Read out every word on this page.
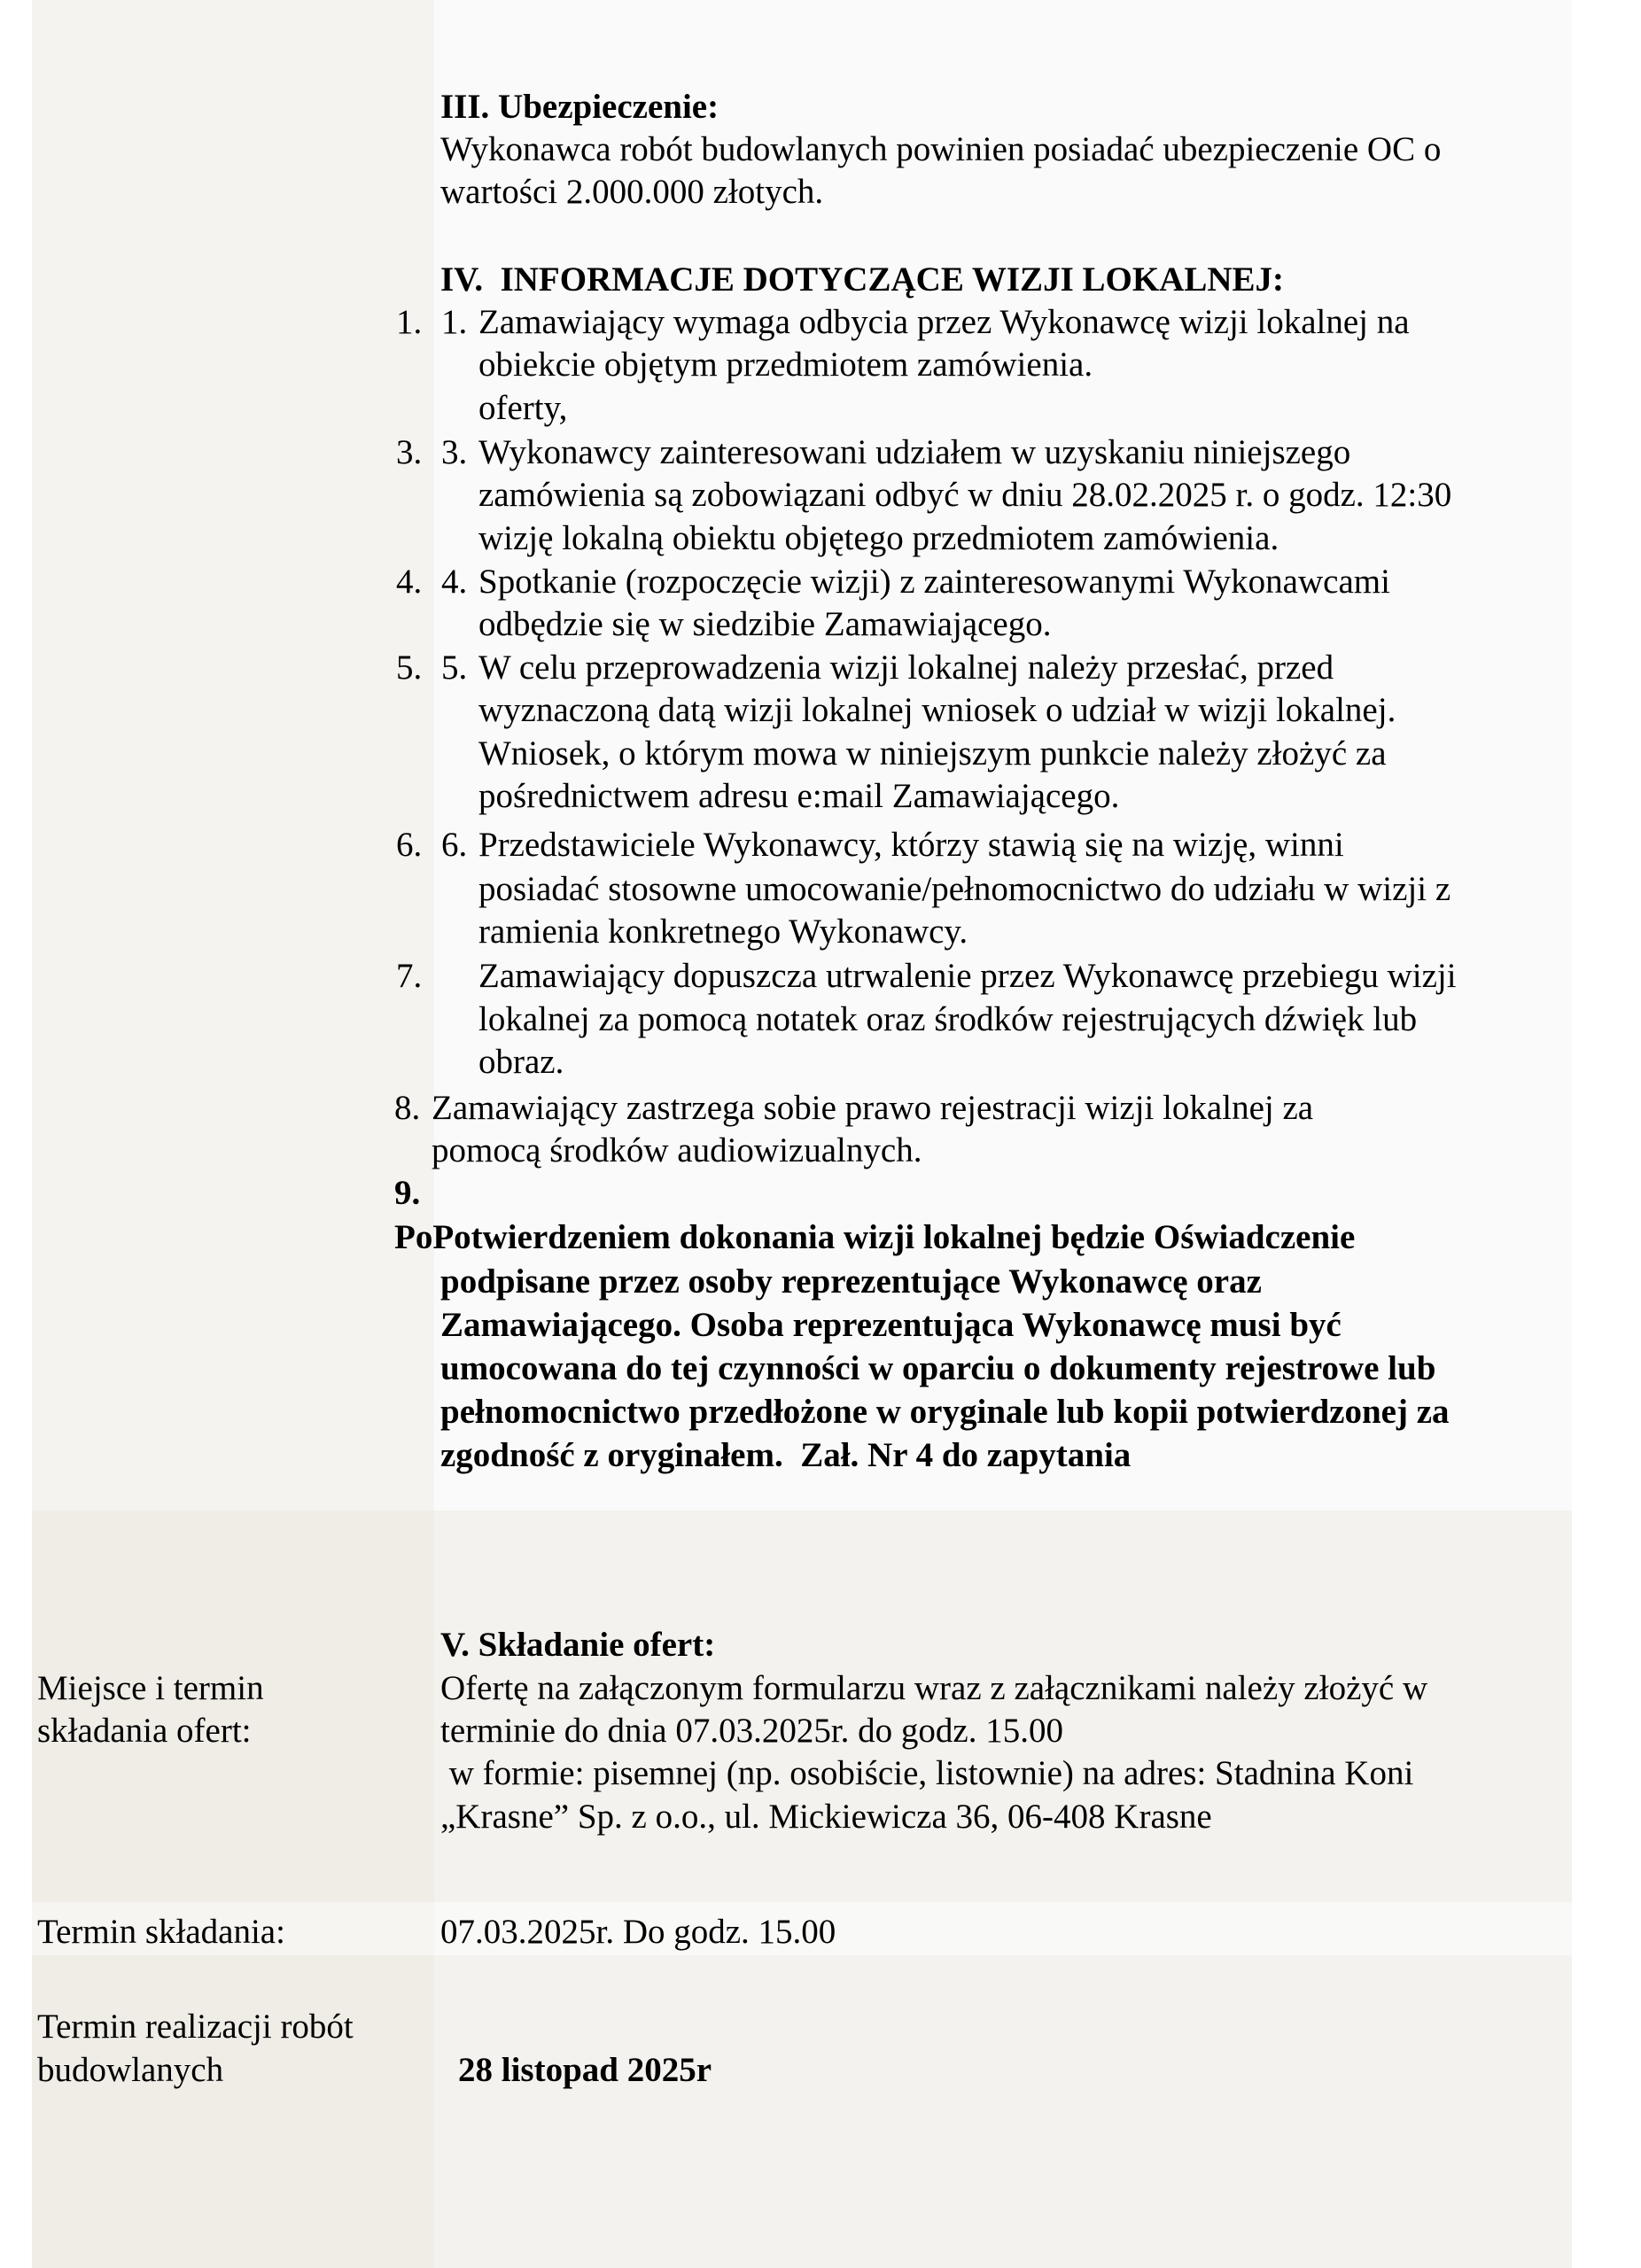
III. Ubezpieczenie:
Wykonawca robót budowlanych powinien posiadać ubezpieczenie OC o
wartości 2.000.000 złotych.
IV.  INFORMACJE DOTYCZĄCE WIZJI LOKALNEJ:
1. 1. Zamawiający wymaga odbycia przez Wykonawcę wizji lokalnej na
obiekcie objętym przedmiotem zamówienia.
oferty,
3. 3. Wykonawcy zainteresowani udziałem w uzyskaniu niniejszego
zamówienia są zobowiązani odbyć w dniu 28.02.2025 r. o godz. 12:30
wizję lokalną obiektu objętego przedmiotem zamówienia.
4. 4. Spotkanie (rozpoczęcie wizji) z zainteresowanymi Wykonawcami
odbędzie się w siedzibie Zamawiającego.
5. 5. W celu przeprowadzenia wizji lokalnej należy przesłać, przed
wyznaczoną datą wizji lokalnej wniosek o udział w wizji lokalnej.
Wniosek, o którym mowa w niniejszym punkcie należy złożyć za
pośrednictwem adresu e:mail Zamawiającego.
6. 6. Przedstawiciele Wykonawcy, którzy stawią się na wizję, winni
posiadać stosowne umocowanie/pełnomocnictwo do udziału w wizji z
ramienia konkretnego Wykonawcy.
7. Zamawiający dopuszcza utrwalenie przez Wykonawcę przebiegu wizji
lokalnej za pomocą notatek oraz środków rejestrujących dźwięk lub
obraz.
8. Zamawiający zastrzega sobie prawo rejestracji wizji lokalnej za
pomocą środków audiowizualnych.
9.
PoPotwierdzeniem dokonania wizji lokalnej będzie Oświadczenie
podpisane przez osoby reprezentujące Wykonawcę oraz
Zamawiającego. Osoba reprezentująca Wykonawcę musi być
umocowana do tej czynności w oparciu o dokumenty rejestrowe lub
pełnomocnictwo przedłożone w oryginale lub kopii potwierdzonej za
zgodność z oryginałem.  Zał. Nr 4 do zapytania
Miejsce i termin
składania ofert:
V. Składanie ofert:
Ofertę na załączonym formularzu wraz z załącznikami należy złożyć w
terminie do dnia 07.03.2025r. do godz. 15.00
w formie: pisemnej (np. osobiście, listownie) na adres: Stadnina Koni
„Krasne” Sp. z o.o., ul. Mickiewicza 36, 06-408 Krasne
Termin składania:	07.03.2025r. Do godz. 15.00
Termin realizacji robót
budowlanych	28 listopad 2025r
